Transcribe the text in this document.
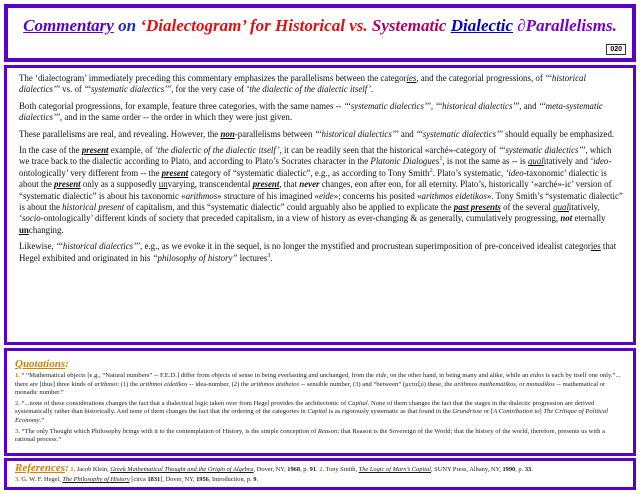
Commentary on ‘Dialectogram’ for Historical vs. Systematic Dialectic ∂Parallelisms.
020

The ‘dialectogram’ immediately preceding this commentary emphasizes the parallelisms between the categories, and the categorial progressions, of ‘‘‘historical dialectics’’’ vs. of ‘‘‘systematic dialectics’’’, for the very case of ‘the dialectic of the dialectic itself’.

Both categorial progressions, for example, feature three categories, with the same names -- ‘‘‘systematic dialectics’’’, ‘‘‘historical dialectics’’’, and ‘‘‘meta-systematic dialectics’’’, and in the same order -- the order in which they were just given.

These parallelisms are real, and revealing. However, the non-parallelisms between ‘‘‘historical dialectics’’’ and ‘‘‘systematic dialectics’’’ should equally be emphasized.

In the case of the present example, of ‘the dialectic of the dialectic itself’, it can be readily seen that the historical «arché»-category of ‘‘‘systematic dialectics’’’, which we trace back to the dialectic according to Plato, and according to Plato’s Socrates character in the Platonic Dialogues$^1$, is not the same as -- is qualitatively and ‘ideo-ontologically’ very different from -- the present category of “systematic dialectic”, e.g., as according to Tony Smith$^2$. Plato’s systematic, ‘ideo-taxonomic’ dialectic is about the present only as a supposedly unvarying, transcendental present, that never changes, eon after eon, for all eternity. Plato’s, historically ‘«arché»-ic’ version of “systematic dialectic” is about his taxonomic «arithmos» structure of his imagined «eide»; concerns his posited «arithmos eidetikos». Tony Smith’s “systematic dialectic” is about the historical present of capitalism, and this “systematic dialectic” could arguably also be applied to explicate the past presents of the several qualitatively, ‘socio-ontologically’ different kinds of society that preceded capitalism, in a view of history as ever-changing & as generally, cumulatively progressing, not eternally unchanging.

Likewise, ‘‘‘historical dialectics’’’, e.g., as we evoke it in the sequel, is no longer the mystified and procrustean superimposition of pre-conceived idealist categories that Hegel exhibited and originated in his “philosophy of history” lectures$^3$.

Quotations:

1. “ “Mathematical objects [e.g., “Natural numbers” -- F.E.D.] differ from objects of sense in being everlasting and unchanged, from the eide, on the other hand, in being many and alike, while an eidos is each by itself one only.”... there are [thus] three kinds of arithmoi: (1) the arithmoi eidetikos -- idea-number, (2) the arithmos aisthetos -- sensible number, (3) and “between” (μεταξύ) these, the arithmos mathematikos, or monadikos -- mathematical or monadic number.”

2. “...none of these considerations changes the fact that a dialectical logic taken over from Hegel provides the architectonic of Capital. None of them changes the fact that the stages in the dialectic progression are derived systematically rather than historically. And none of them changes the fact that the ordering of the categories in Capital is as rigorously systematic as that found in the Grundrisse or [A Contribution to] The Critique of Political Economy.”

3. “The only Thought which Philosophy brings with it to the contemplation of History, is the simple conception of Reason; that Reason is the Sovereign of the World; that the history of the world, therefore, presents us with a rational process.”

References: 1. Jacob Klein, Greek Mathematical Thought and the Origin of Algebra, Dover, NY, 1968, p. 91. 2. Tony Smith, The Logic of Marx’s Capital, SUNY Press, Albany, NY, 1990, p. 33.
3. G. W. F. Hegel, The Philosophy of History [circa 1831], Dover, NY, 1956, Introduction, p. 9.
